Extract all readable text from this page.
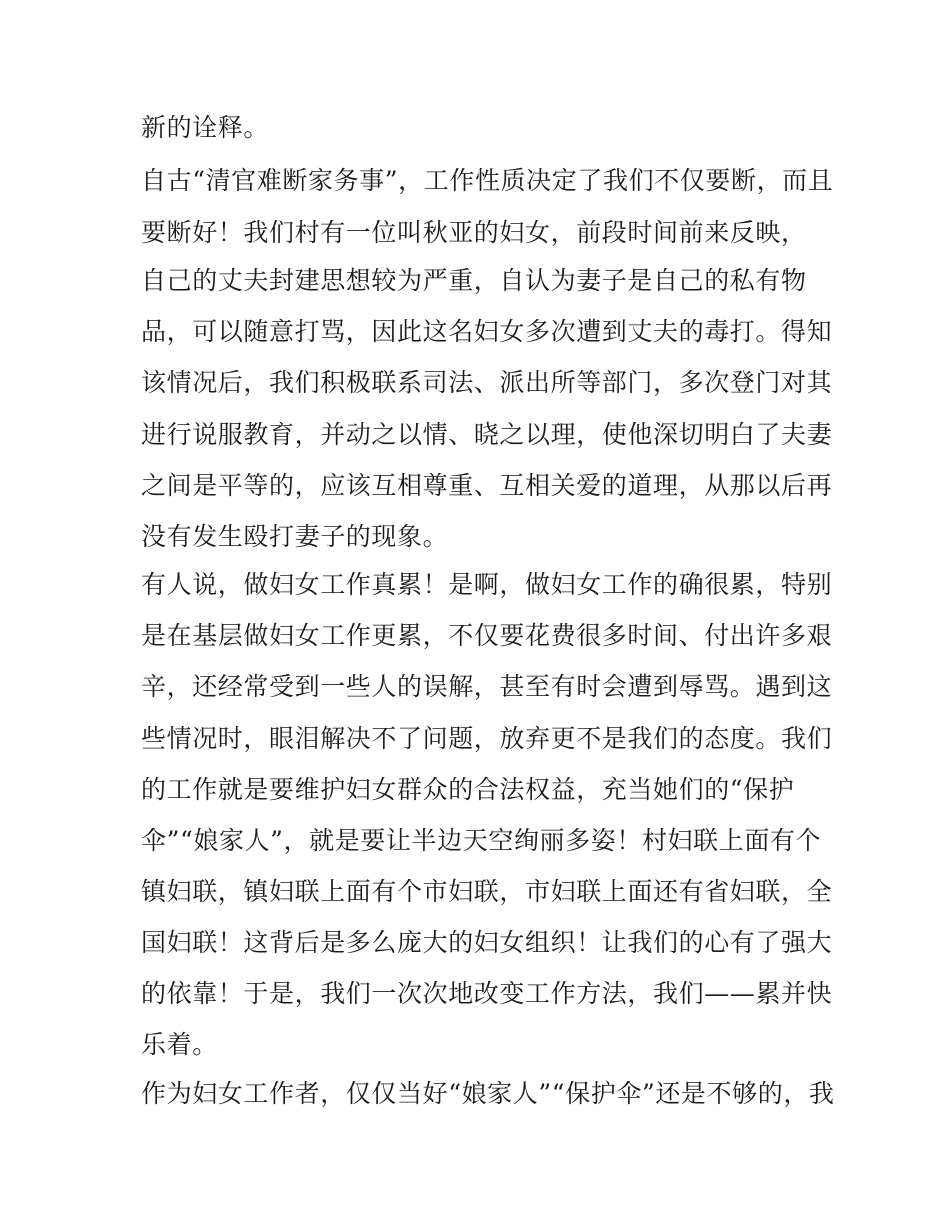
新的诠释。
自古“清官难断家务事”，工作性质决定了我们不仅要断，而且
要断好！我们村有一位叫秋亚的妇女，前段时间前来反映，
自己的丈夫封建思想较为严重，自认为妻子是自己的私有物
品，可以随意打骂，因此这名妇女多次遭到丈夫的毒打。得知
该情况后，我们积极联系司法、派出所等部门，多次登门对其
进行说服教育，并动之以情、晓之以理，使他深切明白了夫妻
之间是平等的，应该互相尊重、互相关爱的道理，从那以后再
没有发生殴打妻子的现象。
有人说，做妇女工作真累！是啊，做妇女工作的确很累，特别
是在基层做妇女工作更累，不仅要花费很多时间、付出许多艰
辛，还经常受到一些人的误解，甚至有时会遭到辱骂。遇到这
些情况时，眼泪解决不了问题，放弃更不是我们的态度。我们
的工作就是要维护妇女群众的合法权益，充当她们的“保护
伞”“娘家人”，就是要让半边天空绚丽多姿！村妇联上面有个
镇妇联，镇妇联上面有个市妇联，市妇联上面还有省妇联，全
国妇联！这背后是多么庞大的妇女组织！让我们的心有了强大
的依靠！于是，我们一次次地改变工作方法，我们——累并快
乐着。
作为妇女工作者，仅仅当好“娘家人”“保护伞”还是不够的，我
